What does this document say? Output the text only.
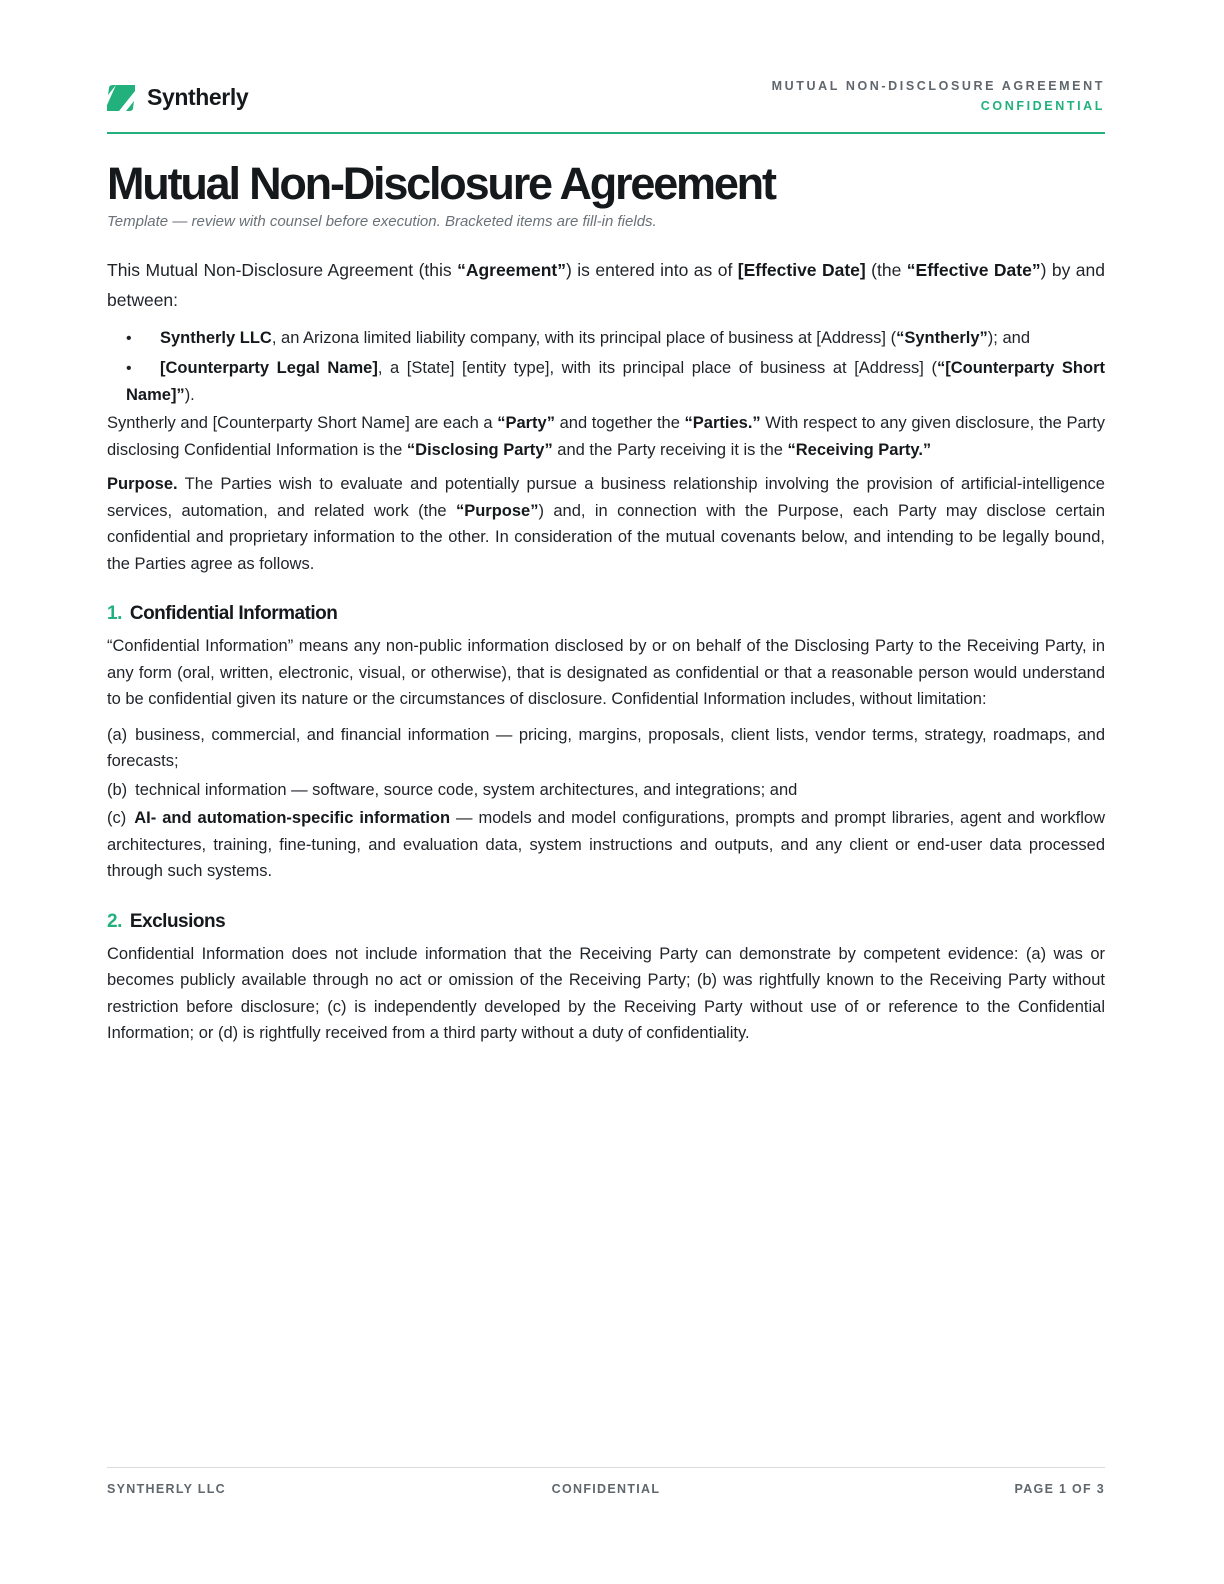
Syntherly	MUTUAL NON-DISCLOSURE AGREEMENT
CONFIDENTIAL
Mutual Non-Disclosure Agreement
Template — review with counsel before execution. Bracketed items are fill-in fields.

This Mutual Non-Disclosure Agreement (this “Agreement”) is entered into as of [Effective Date] (the “Effective Date”) by and between:

• Syntherly LLC, an Arizona limited liability company, with its principal place of business at [Address] (“Syntherly”); and
• [Counterparty Legal Name], a [State] [entity type], with its principal place of business at [Address] (“[Counterparty Short Name]”).

Syntherly and [Counterparty Short Name] are each a “Party” and together the “Parties.” With respect to any given disclosure, the Party disclosing Confidential Information is the “Disclosing Party” and the Party receiving it is the “Receiving Party.”

Purpose. The Parties wish to evaluate and potentially pursue a business relationship involving the provision of artificial-intelligence services, automation, and related work (the “Purpose”) and, in connection with the Purpose, each Party may disclose certain confidential and proprietary information to the other. In consideration of the mutual covenants below, and intending to be legally bound, the Parties agree as follows.

1. Confidential Information

“Confidential Information” means any non-public information disclosed by or on behalf of the Disclosing Party to the Receiving Party, in any form (oral, written, electronic, visual, or otherwise), that is designated as confidential or that a reasonable person would understand to be confidential given its nature or the circumstances of disclosure. Confidential Information includes, without limitation:

(a) business, commercial, and financial information — pricing, margins, proposals, client lists, vendor terms, strategy, roadmaps, and forecasts;

(b) technical information — software, source code, system architectures, and integrations; and

(c) AI- and automation-specific information — models and model configurations, prompts and prompt libraries, agent and workflow architectures, training, fine-tuning, and evaluation data, system instructions and outputs, and any client or end-user data processed through such systems.

2. Exclusions

Confidential Information does not include information that the Receiving Party can demonstrate by competent evidence: (a) was or becomes publicly available through no act or omission of the Receiving Party; (b) was rightfully known to the Receiving Party without restriction before disclosure; (c) is independently developed by the Receiving Party without use of or reference to the Confidential Information; or (d) is rightfully received from a third party without a duty of confidentiality.

SYNTHERLY LLC	CONFIDENTIAL	PAGE 1 OF 3
